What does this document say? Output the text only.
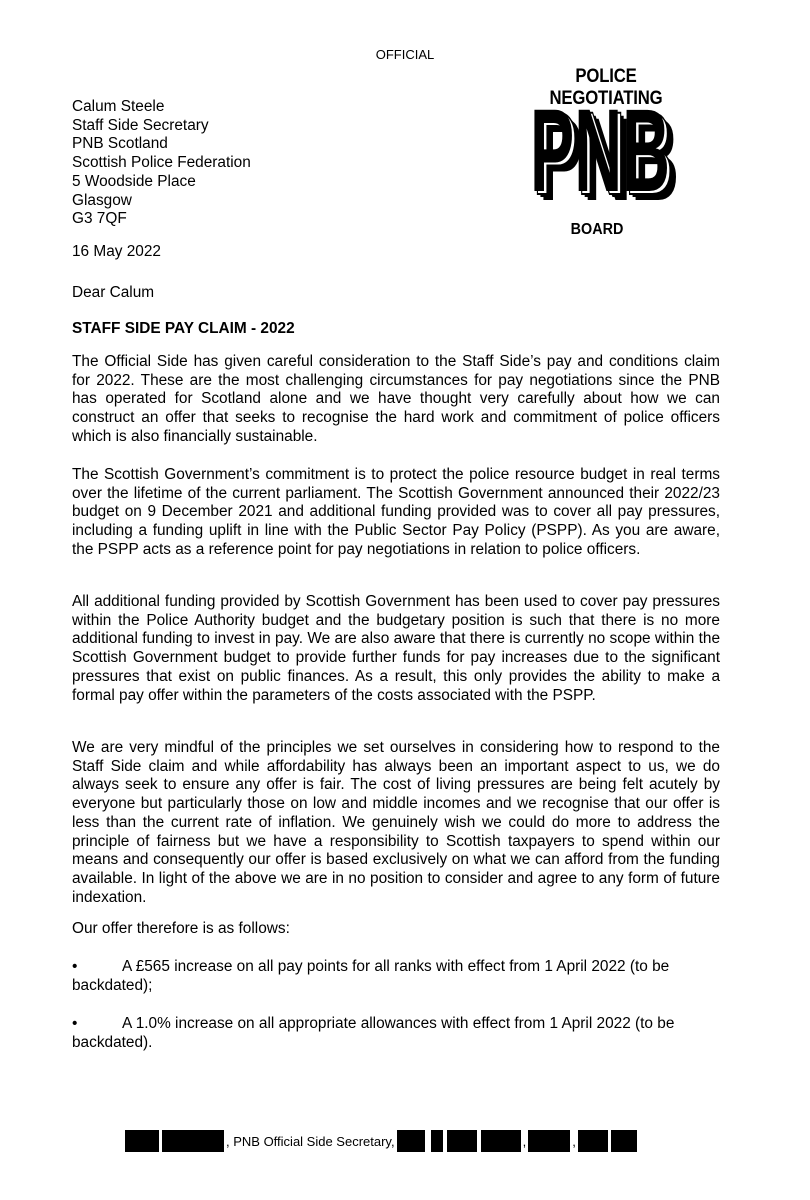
OFFICIAL
POLICE NEGOTIATING
PNB
PNB
PNB
PNB
BOARD
Calum Steele
Staff Side Secretary
PNB Scotland
Scottish Police Federation
5 Woodside Place
Glasgow
G3 7QF
16 May 2022
Dear Calum
STAFF SIDE PAY CLAIM - 2022

The Official Side has given careful consideration to the Staff Side’s pay and conditions claim for 2022. These are the most challenging circumstances for pay negotiations since the PNB has operated for Scotland alone and we have thought very carefully about how we can construct an offer that seeks to recognise the hard work and commitment of police officers which is also financially sustainable.

The Scottish Government’s commitment is to protect the police resource budget in real terms over the lifetime of the current parliament. The Scottish Government announced their 2022/23 budget on 9 December 2021 and additional funding provided was to cover all pay pressures, including a funding uplift in line with the Public Sector Pay Policy (PSPP). As you are aware, the PSPP acts as a reference point for pay negotiations in relation to police officers.

All additional funding provided by Scottish Government has been used to cover pay pressures within the Police Authority budget and the budgetary position is such that there is no more additional funding to invest in pay. We are also aware that there is currently no scope within the Scottish Government budget to provide further funds for pay increases due to the significant pressures that exist on public finances. As a result, this only provides the ability to make a formal pay offer within the parameters of the costs associated with the PSPP.

We are very mindful of the principles we set ourselves in considering how to respond to the Staff Side claim and while affordability has always been an important aspect to us, we do always seek to ensure any offer is fair. The cost of living pressures are being felt acutely by everyone but particularly those on low and middle incomes and we recognise that our offer is less than the current rate of inflation. We genuinely wish we could do more to address the principle of fairness but we have a responsibility to Scottish taxpayers to spend within our means and consequently our offer is based exclusively on what we can afford from the funding available. In light of the above we are in no position to consider and agree to any form of future indexation.

Our offer therefore is as follows:

•	A £565 increase on all pay points for all ranks with effect from 1 April 2022 (to be
backdated);
•	A 1.0% increase on all appropriate allowances with effect from 1 April 2022 (to be
backdated).
, PNB Official Side Secretary,	,	,
